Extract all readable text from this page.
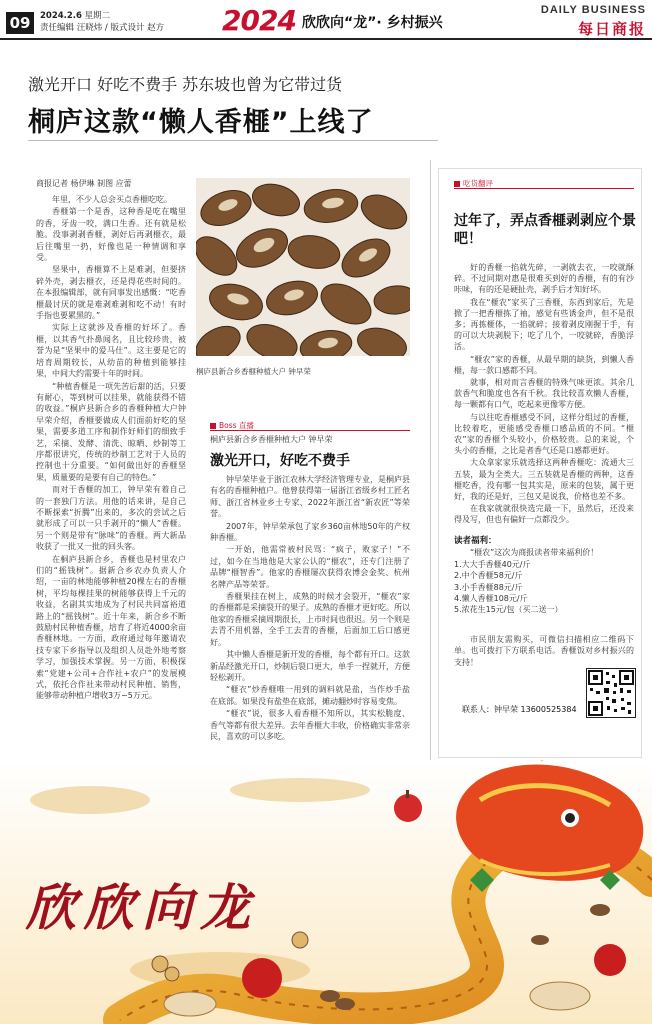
09	2024.2.6 星期二
责任编辑 汪晓炜 / 版式设计 赵方 2024 欣欣向“龙”· 乡村振兴
DAILY BUSINESS
每日商报
激光开口 好吃不费手 苏东坡也曾为它带过货
桐庐这款“懒人香榧”上线了
商报记者 杨伊琳 制图 应蕾

年里，不少人总会买点香榧吃吃。

香榧第一个是香，这种香是吃在嘴里的香，牙齿一咬，满口生香。还有就是松脆。没事剥剥香榧，剥好后再剥榧衣，最后往嘴里一扔，好像也是一种情调和享受。

坚果中，香榧算不上是难剥，但要挤碎外壳，剥去榧衣，还是得花些时间的。在本报编辑部，就有同事发出感慨：“吃香榧最讨厌的就是难剥难剥和吃不动！有时手指也要累黑的。”

实际上这就涉及香榧的好坏了。香榧，以其香气扑鼻闻名，且比较珍贵，被誉为是“坚果中的爱马仕”。这主要是它的培育周期较长，从幼苗的种植到能够挂果，中间大约需要十年的时间。

“种植香榧是一项先苦后甜的活，只要有耐心，等到树可以挂果，就能获得不错的收益。”桐庐县新合乡的香榧种植大户钟早荣介绍，香榧要做成人们面前好吃的坚果，需要多道工序和制作好师们的细致手艺，采摘、发酵、清洗、晾晒、炒制等工序都很讲究，传统的炒制工艺对于人员的控制也十分重要。“如何做出好的香榧坚果，质量要的是要有自己的特色。”

而对于香榧的加工，钟早荣有着自己的一套独门方法。用他的话来讲，是自己不断探索“折腾”出来的，多次的尝试之后就形成了可以一只手剥开的“懒人”香榧。另一个则是带有“脉味”的香榧。两大新品收获了一批又一批的回头客。

在桐庐县新合乡，香榧也是村里农户们的“摇钱树”。据新合乡农办负责人介绍，一亩的林地能够种植20棵左右的香榧树，平均每棵挂果的树能够获得上千元的收益，名副其实地成为了村民共同富裕道路上的“摇钱树”。近十年来，新合乡不断鼓励村民种植香榧，培育了将近4000余亩香榧林地。一方面，政府通过每年邀请农技专家下乡指导以及组织人员赴外地考察学习，加强技术掌握。另一方面，积极探索“党建+公司+合作社+农户”的发展模式，依托合作社来带动村民种植、销售，能够带动种植户增收3万~5万元。

桐庐县新合乡香榧种植大户 钟早荣
Boss 直播
桐庐县新合乡香榧种植大户 钟早荣
激光开口，好吃不费手

钟早荣毕业于浙江农林大学经济管理专业，是桐庐县有名的香榧种植户。他曾获得第一届浙江省级乡村工匠名师、浙江省林业乡土专家、2022年浙江省“新农匠”等荣誉。

2007年，钟早荣承包了家乡360亩林地50年的产权种香榧。

一开始，他需常被村民骂：“疯子，败家子！”不过，如今在当地他是大家公认的“榧农”，还专门注册了品牌“榧智香”。他家的香榧屡次获得农博会金奖、杭州名牌产品等荣誉。

香榧果挂在树上，成熟的时候才会裂开，“榧农”家的香榧都是采摘裂开的果子。成熟的香榧才更好吃。所以他家的香榧采摘周期很长，上市时间也很迟。另一个则是去青不用机器，全手工去青的香榧，后面加工后口感更好。

其中懒人香榧是新开发的香榧，每个都有开口。这款新品经激光开口，炒制后裂口更大，单手一捏就开，方便轻松剥开。

“榧衣”炒香榧唯一用到的调料就是盐，当作炒手盐在底部。如果没有盐垫在底部，摊动翻炒时容易变焦。

“榧衣”说，很多人看香榧不知所以，其实松脆度、香气等都有很大差异。去年香榧大丰收，价格确实非常亲民，喜欢的可以多吃。

吃货翻评
过年了，弄点香榧剥剥应个景吧！

好的香榧一掐就先碎，一剥就去衣，一咬就酥碎。不过同期对惠是很难买到好的香榧，有的有沙咔味，有的还是硬扯壳，剥手后才知好坏。

我在“榧农”家买了三香榧，东西到家后，先是掀了一把香榧拣了袖，感觉有些诱金声，但不是很多；再拣榧体，一掐就碎；接着剥皮刚握于手，有的可以大块剥脱下；吃了几个，一咬就碎，香脆浮活。

“榧农”家的香榧，从最早期的缺货，到懒人香榧，每一款口感都不同。

就事，相对而言香榧的特殊气味更浓。其余几款香气和脆度也各有千秋。我比较喜欢懒人香榧，每一颗都有口气，吃起来更像零方便。

与以往吃香榧感受不同，这样分组过的香榧，比较着吃，更能感受香榧口感品质的不同。“榧农”家的香榧个头较小，价格较贵。总的来说，个头小的香榧，之比是者香气还是口感都更好。

大众拿家家乐就选择这两种香榧吃：流通大三五装，最为全类大。三五装就是香榧的两种，这香榧吃香，没有哪一包其实是，原来的包装，属于更好，我的还是好，三包又是说我，价格也差不多。

在我家就就很快选完最一下，虽然后，还没来得及写，但也有偏好一点都没少。

读者福利：
“榧农”这次为商报读者带来福利价！
1.大大手香榧40元/斤
2.中个香榧58元/斤
3.小手香榧88元/斤
4.懒人香榧108元/斤
5.浓花生15元/包（买二送一）
市民朋友需购买，可微信扫描相应二维码下单。也可拨打下方联系电话。香榧饭对乡村振兴的支持！
联系人：钟早荣 13600525384
欣欣向龙
